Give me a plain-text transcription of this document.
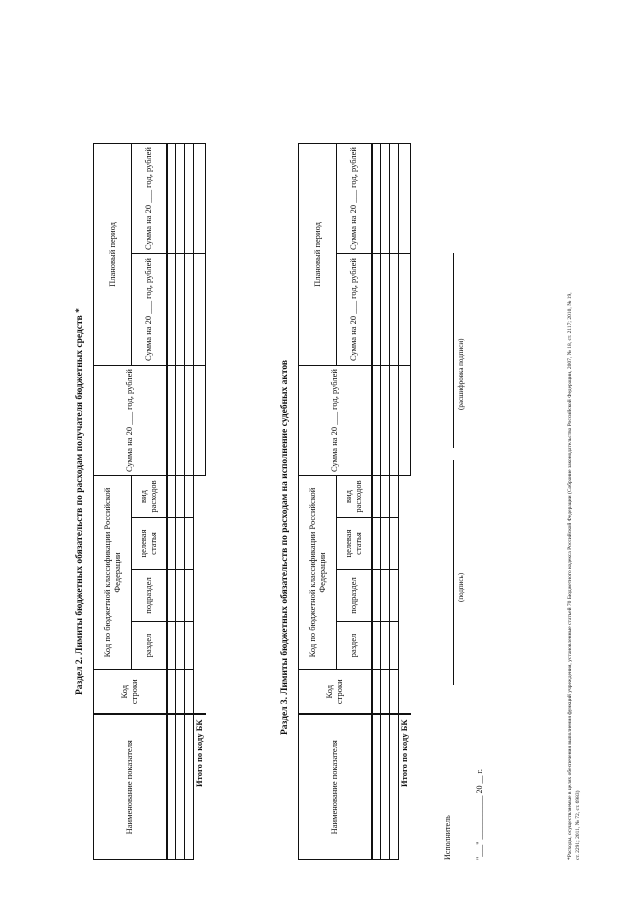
Раздел 2. Лимиты бюджетных обязательств по расходам получателя бюджетных средств *
Наименование показателя	Код строки	Код по бюджетной классификации Российской Федерации				Сумма на 20 ___ год, рублей	Плановый период	
		раздел	подраздел	целевая статья	вид расходов		Сумма на 20 ___ год, рублей	Сумма на 20 ___ год, рублей

Итого по коду БК								
Раздел 3. Лимиты бюджетных обязательств по расходам на исполнение судебных актов
Наименование показателя	Код строки	Код по бюджетной классификации Российской Федерации				Сумма на 20 ___ год, рублей	Плановый период	
		раздел	подраздел	целевая статья	вид расходов		Сумма на 20 ___ год, рублей	Сумма на 20 ___ год, рублей

Итого по коду БК								
Исполнитель
(подпись)
(расшифровка подписи)
"___" ___________ 20 __ г.	*Расходы, осуществляемые в целях обеспечения выполнения функций учреждения, установленные статьей 70 Бюджетного кодекса Российской Федерации (Собрание законодательства Российской Федерации, 2007, № 18, ст. 2117; 2010, № 19, ст. 2291; 2011, № 72, ст. 6983)
